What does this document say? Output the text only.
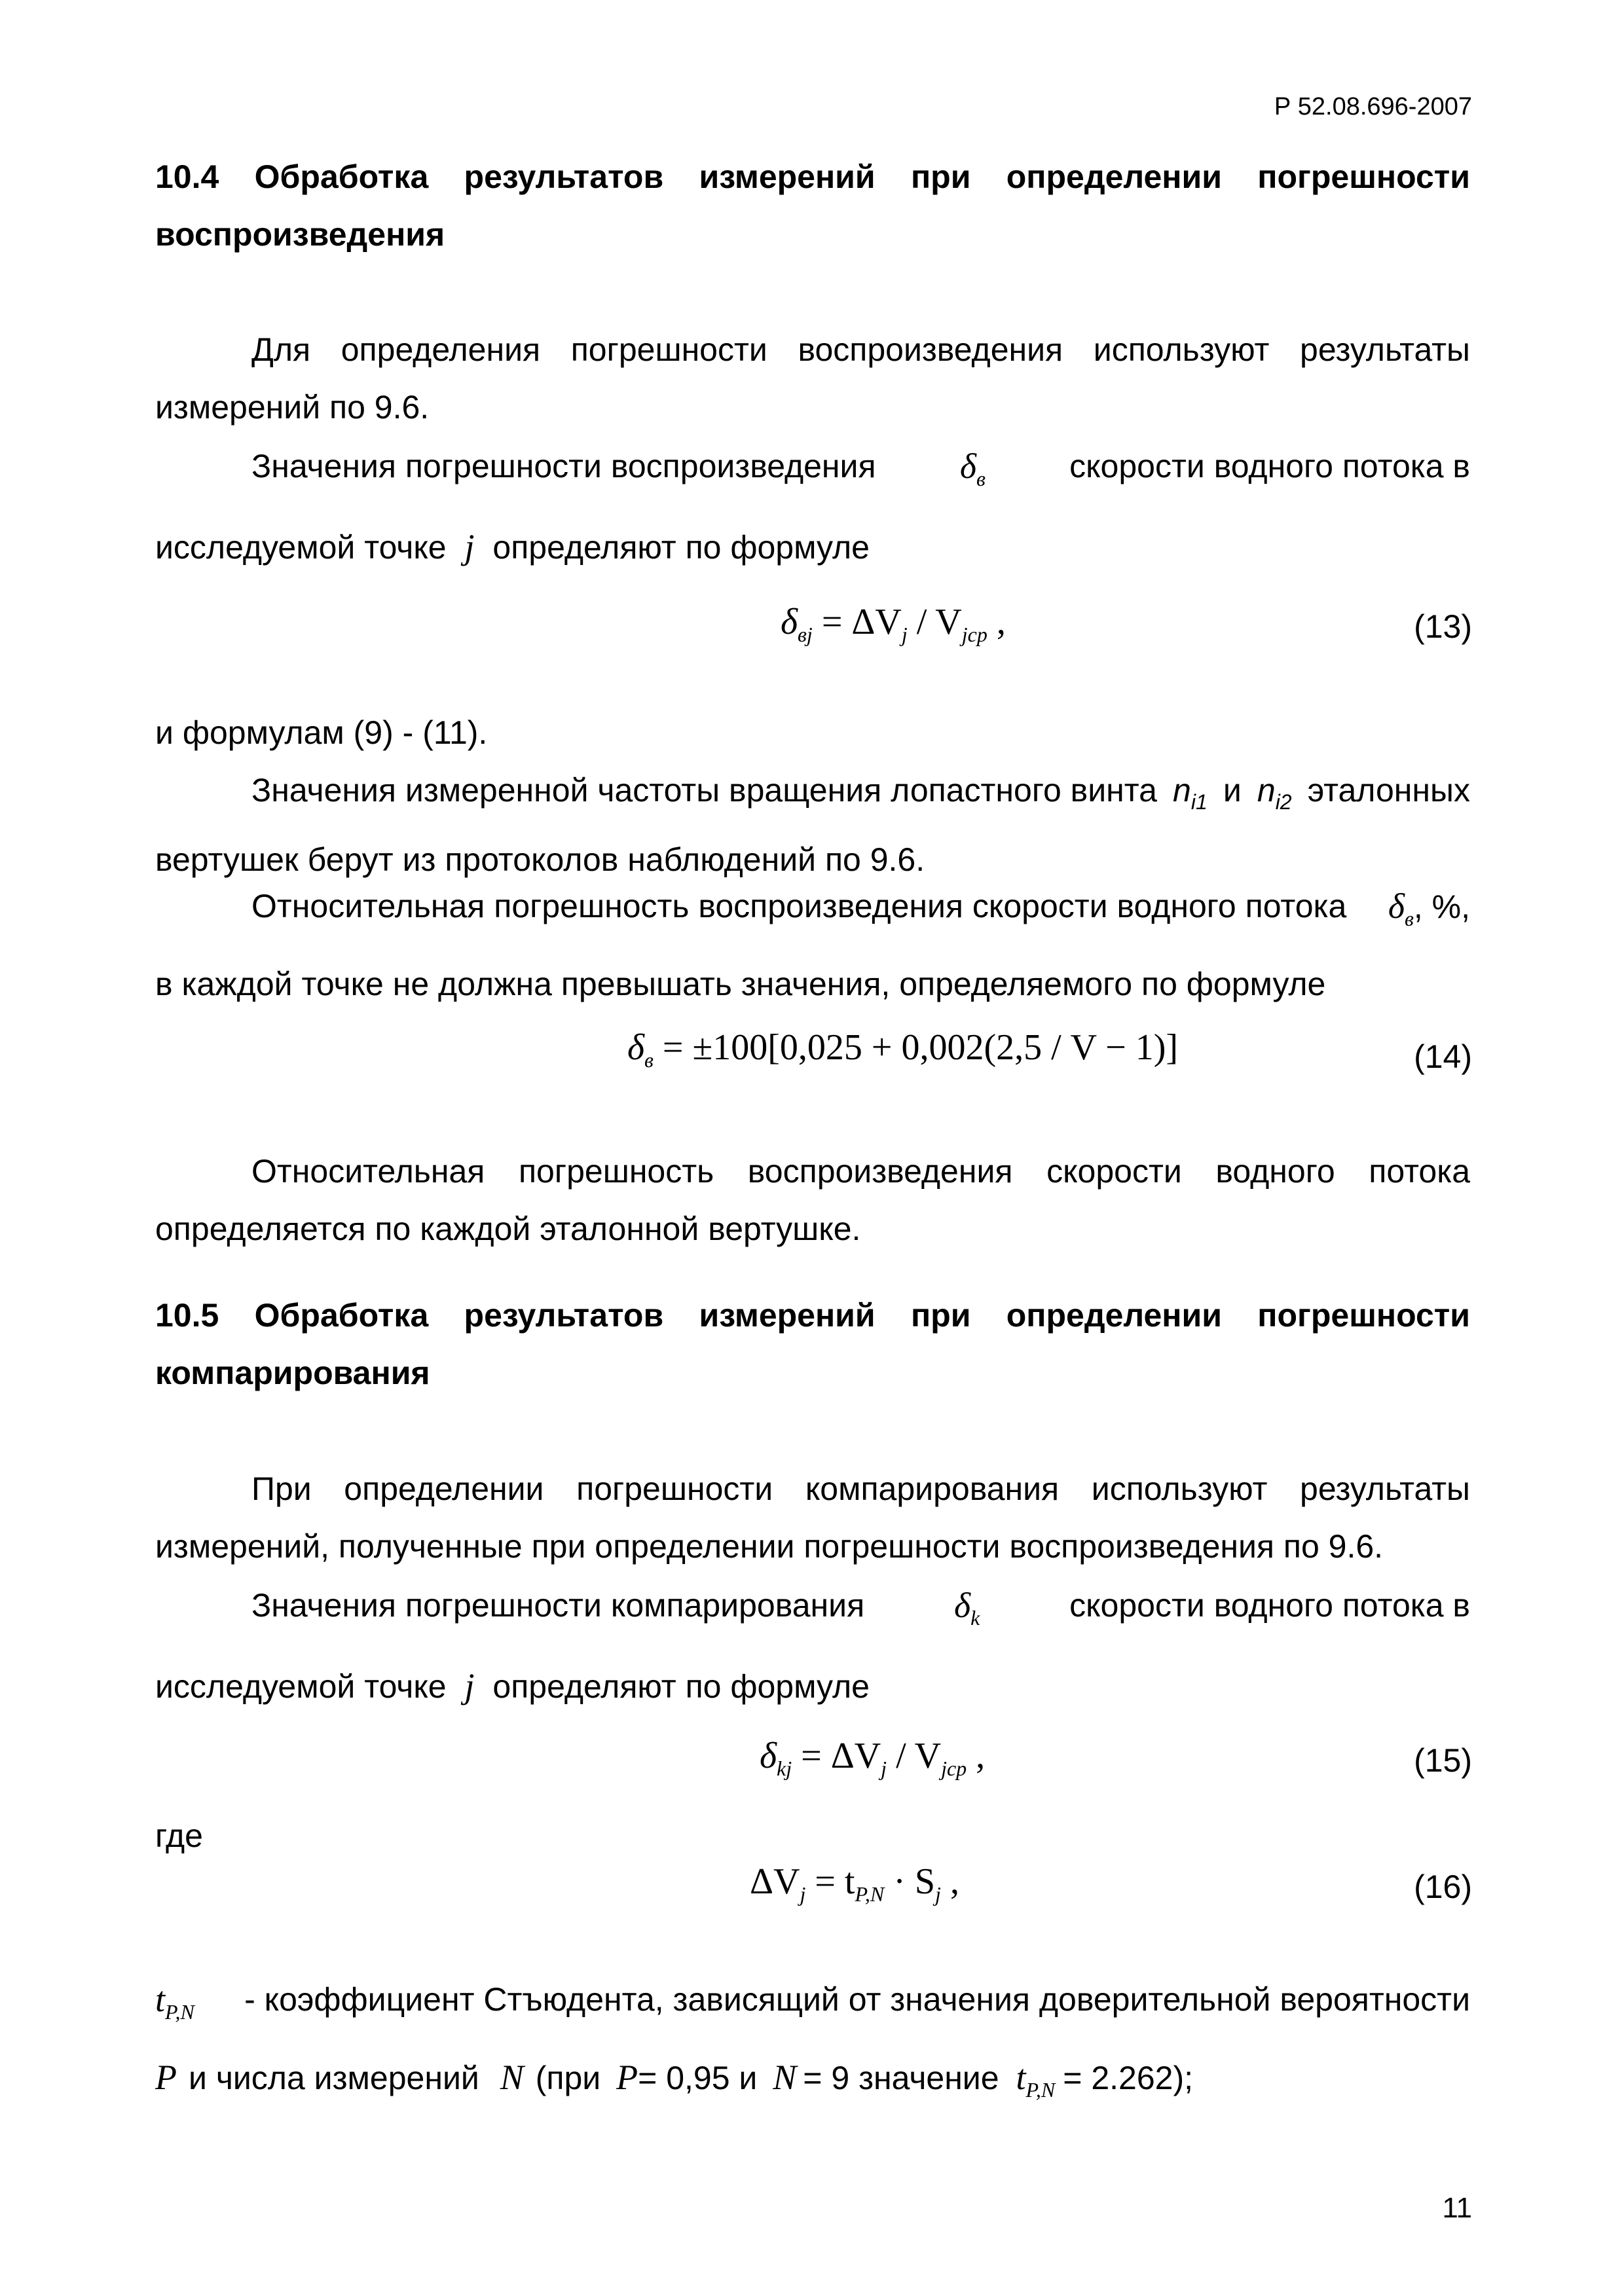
Р 52.08.696-2007
10.4 Обработка результатов измерений при определении погрешности
воспроизведения
Для определения погрешности воспроизведения используют результаты
измерений по 9.6.
Значения погрешности воспроизведения $\delta_в$	скорости водного потока в
исследуемой точке j определяют по формуле
$\delta_{вj} = \Delta V_j / V_{jcp}$ ,	(13)
и формулам (9) - (11).
Значения измеренной частоты вращения лопастного винта $n_{i1}$ и $n_{i2}$ эталонных
вертушек берут из протоколов наблюдений по 9.6.
Относительная погрешность воспроизведения скорости водного потока $\delta_в$, %,
в каждой точке не должна превышать значения, определяемого по формуле
$\delta_в = \pm 100[0,025 + 0,002(2,5 / V - 1)]$	(14)
Относительная погрешность воспроизведения скорости водного потока
определяется по каждой эталонной вертушке.
10.5 Обработка результатов измерений при определении погрешности
компарирования
При определении погрешности компарирования используют результаты
измерений, полученные при определении погрешности воспроизведения по 9.6.
Значения погрешности компарирования	$\delta_k$	скорости водного потока в
исследуемой точке j определяют по формуле
$\delta_{kj} = \Delta V_j / V_{jcp}$ ,	(15)
где
$\Delta V_j = t_{P,N} \cdot S_j$ ,	(16)
$t_{P,N}$ - коэффициент Стъюдента, зависящий от значения доверительной вероятности
P и числа измерений N (при P= 0,95 и N = 9 значение $t_{P,N} = 2.262$);
11
